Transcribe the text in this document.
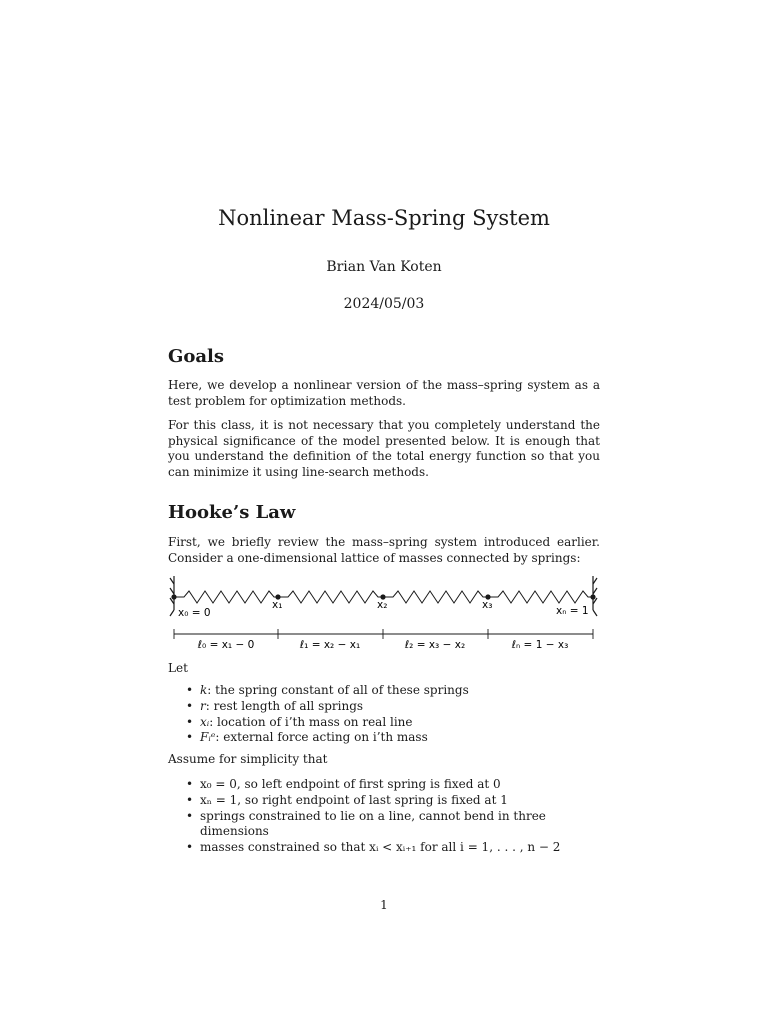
Nonlinear Mass-Spring System
Brian Van Koten
2024/05/03
Goals

Here, we develop a nonlinear version of the mass–spring system as a test problem for optimization methods.

For this class, it is not necessary that you completely understand the physical significance of the model presented below. It is enough that you understand the definition of the total energy function so that you can minimize it using line-search methods.

Hooke’s Law

First, we briefly review the mass–spring system introduced earlier. Consider a one-dimensional lattice of masses connected by springs:

Let

• k: the spring constant of all of these springs
• r: rest length of all springs
• xᵢ: location of i’th mass on real line
• Fᵢᵉ: external force acting on i’th mass

Assume for simplicity that

• x₀ = 0, so left endpoint of first spring is fixed at 0
• xₙ = 1, so right endpoint of last spring is fixed at 1
• springs constrained to lie on a line, cannot bend in three dimensions
• masses constrained so that xᵢ < xᵢ₊₁ for all i = 1, . . . , n − 2
x₀ = 0
x₁	x₂	x₃	xₙ = 1
ℓ₀ = x₁ − 0	ℓ₁ = x₂ − x₁	ℓ₂ = x₃ − x₂	ℓₙ = 1 − x₃
1
